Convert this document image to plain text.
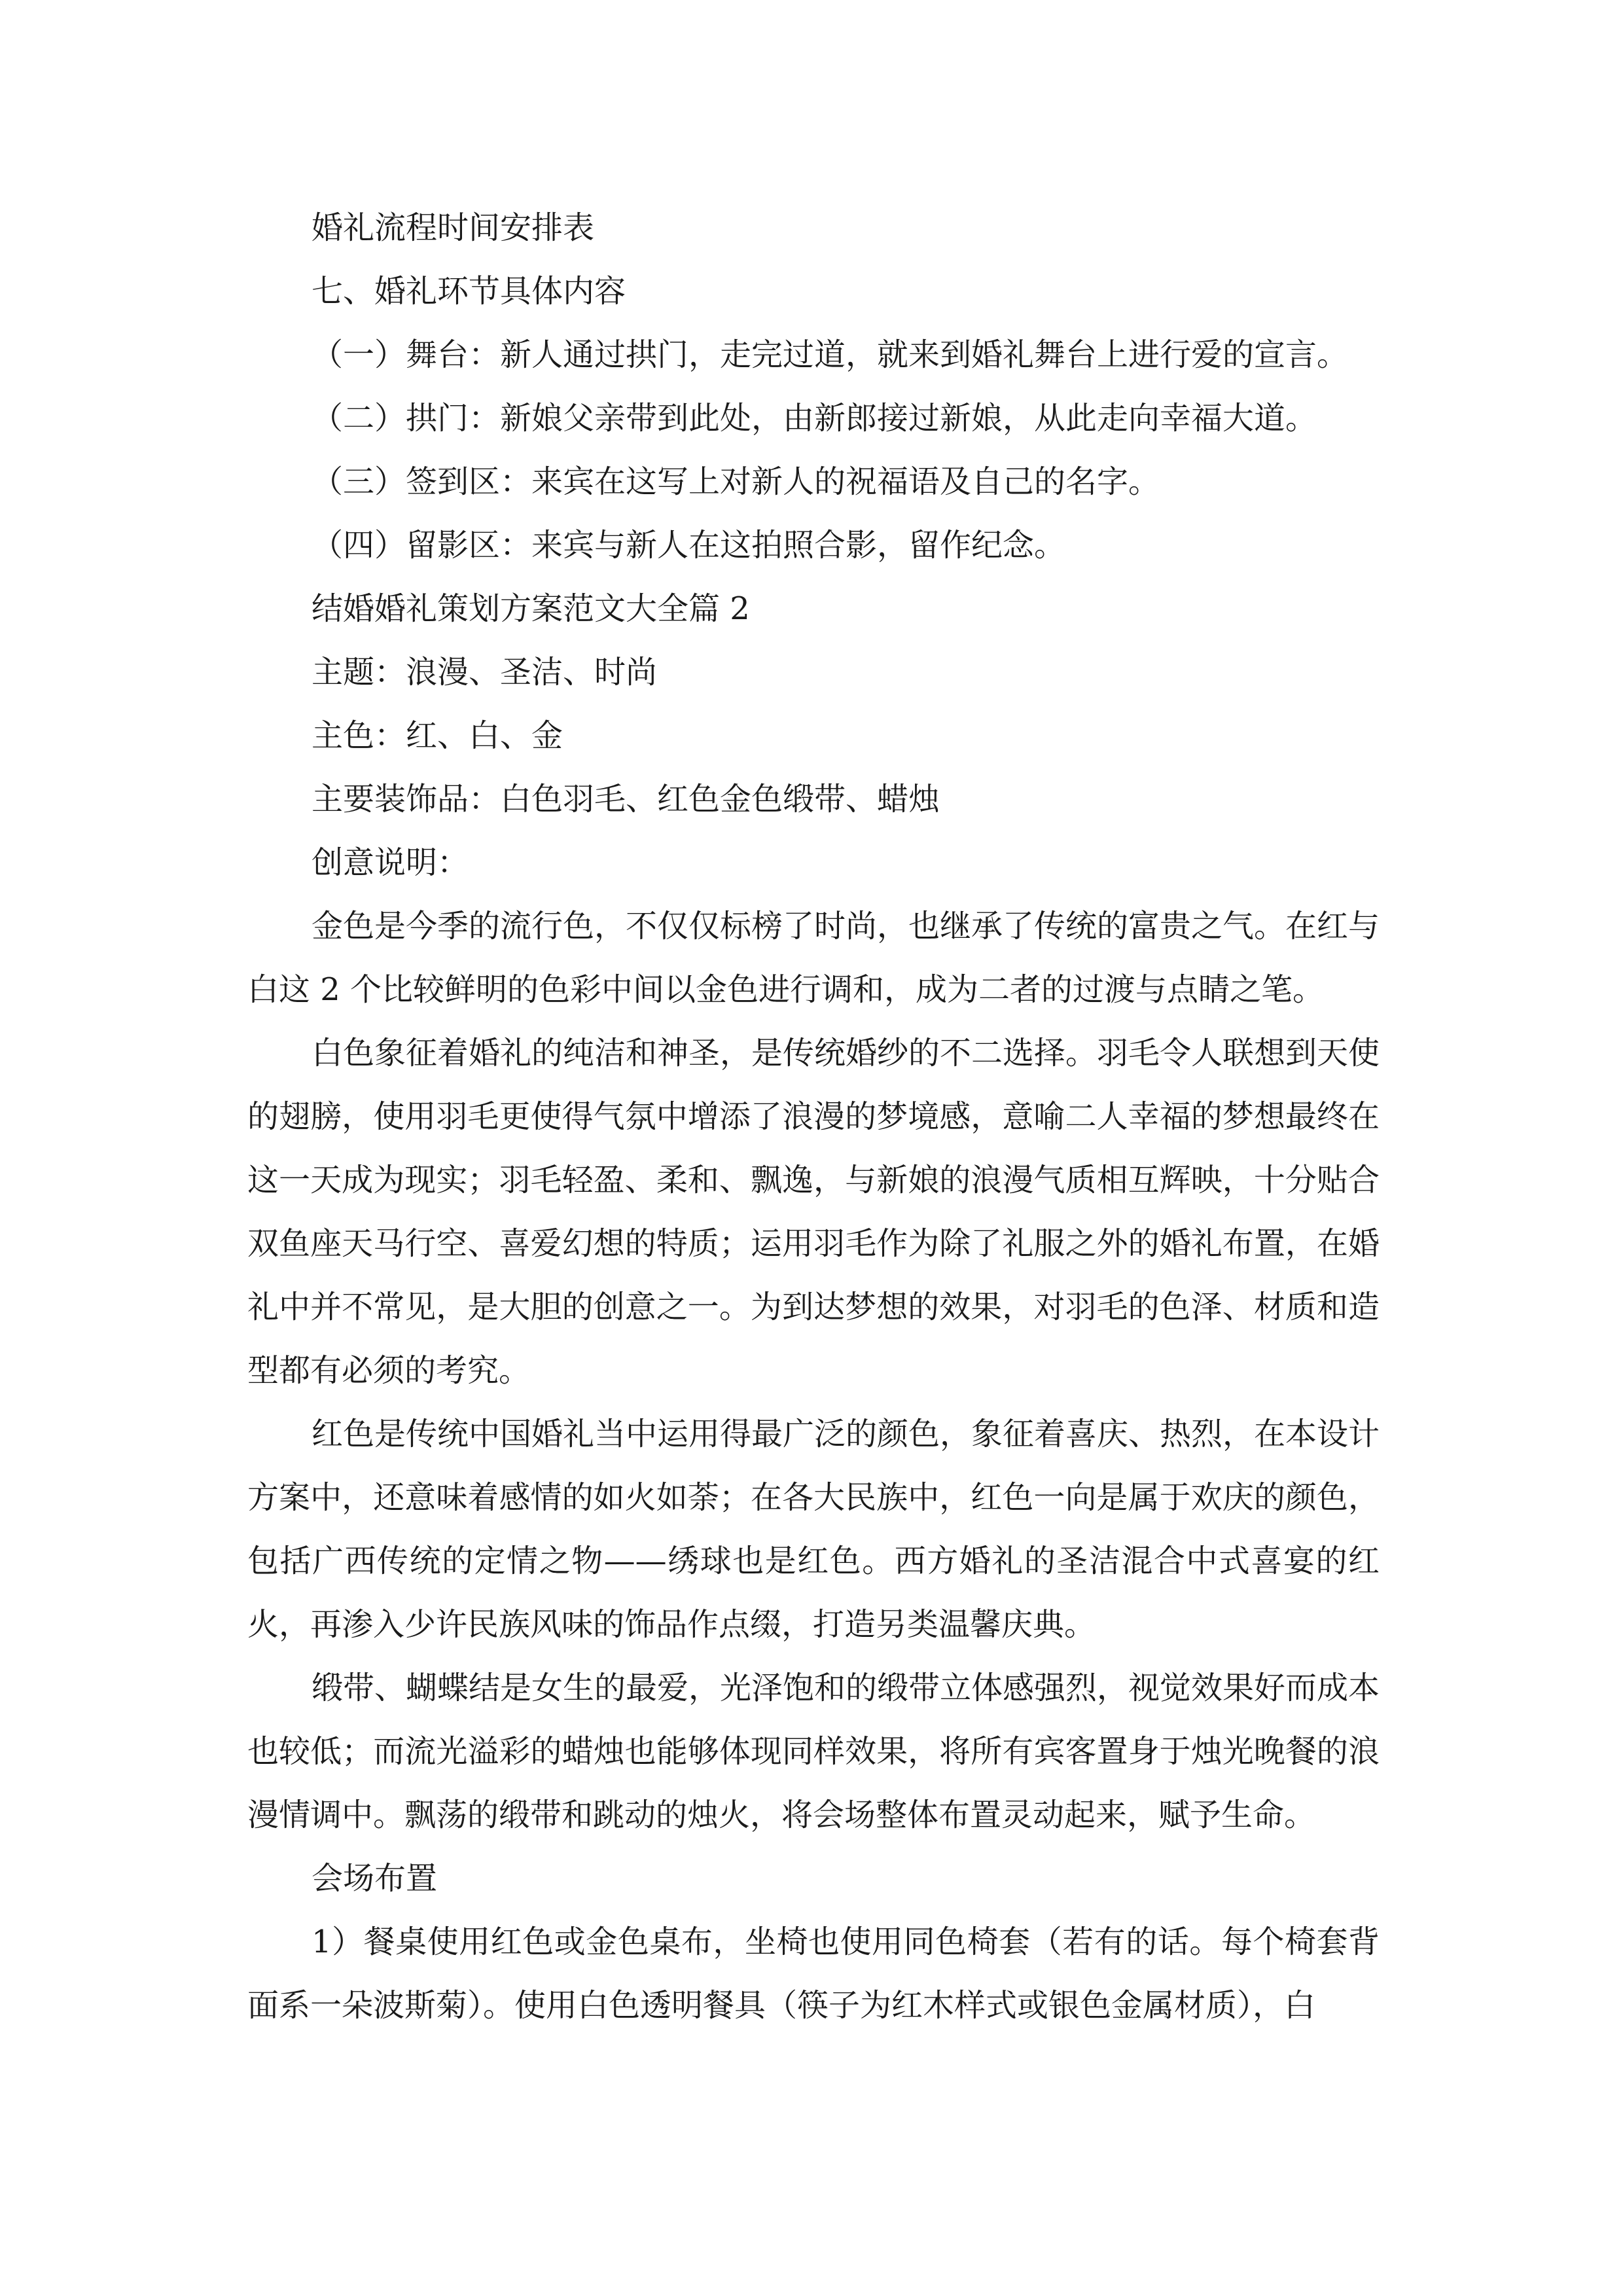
婚礼流程时间安排表
七、婚礼环节具体内容
（一）舞台：新人通过拱门，走完过道，就来到婚礼舞台上进行爱的宣言。
（二）拱门：新娘父亲带到此处，由新郎接过新娘，从此走向幸福大道。
（三）签到区：来宾在这写上对新人的祝福语及自己的名字。
（四）留影区：来宾与新人在这拍照合影，留作纪念。
结婚婚礼策划方案范文大全篇 2
主题：浪漫、圣洁、时尚
主色：红、白、金
主要装饰品：白色羽毛、红色金色缎带、蜡烛
创意说明：

金色是今季的流行色，不仅仅标榜了时尚，也继承了传统的富贵之气。在红与白这 2 个比较鲜明的色彩中间以金色进行调和，成为二者的过渡与点睛之笔。

白色象征着婚礼的纯洁和神圣，是传统婚纱的不二选择。羽毛令人联想到天使的翅膀，使用羽毛更使得气氛中增添了浪漫的梦境感，意喻二人幸福的梦想最终在这一天成为现实；羽毛轻盈、柔和、飘逸，与新娘的浪漫气质相互辉映，十分贴合双鱼座天马行空、喜爱幻想的特质；运用羽毛作为除了礼服之外的婚礼布置，在婚礼中并不常见，是大胆的创意之一。为到达梦想的效果，对羽毛的色泽、材质和造型都有必须的考究。

红色是传统中国婚礼当中运用得最广泛的颜色，象征着喜庆、热烈，在本设计方案中，还意味着感情的如火如荼；在各大民族中，红色一向是属于欢庆的颜色，包括广西传统的定情之物——绣球也是红色。西方婚礼的圣洁混合中式喜宴的红火，再渗入少许民族风味的饰品作点缀，打造另类温馨庆典。

缎带、蝴蝶结是女生的最爱，光泽饱和的缎带立体感强烈，视觉效果好而成本也较低；而流光溢彩的蜡烛也能够体现同样效果，将所有宾客置身于烛光晚餐的浪漫情调中。飘荡的缎带和跳动的烛火，将会场整体布置灵动起来，赋予生命。

会场布置

1）餐桌使用红色或金色桌布，坐椅也使用同色椅套（若有的话。每个椅套背面系一朵波斯菊）。使用白色透明餐具（筷子为红木样式或银色金属材质），白
